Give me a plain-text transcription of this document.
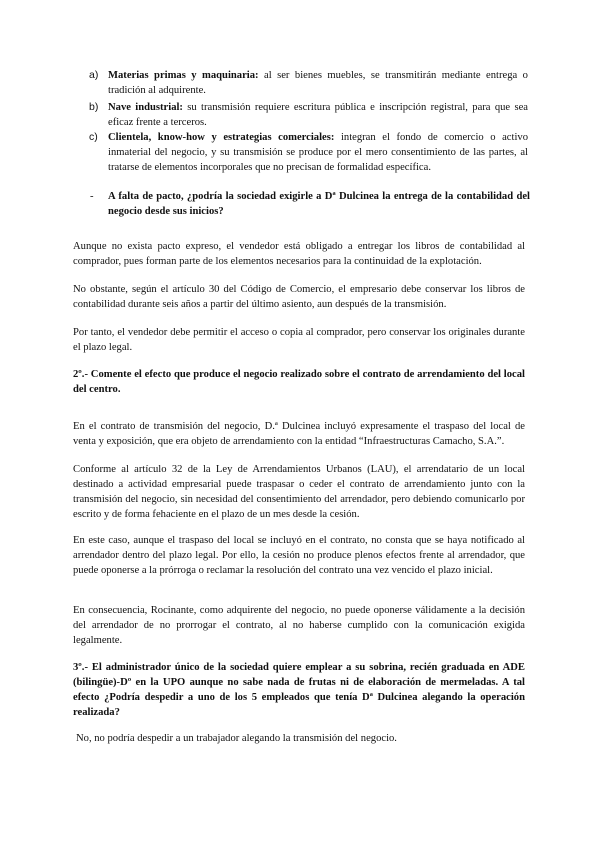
a) Materias primas y maquinaria: al ser bienes muebles, se transmitirán mediante entrega o tradición al adquirente.
b) Nave industrial: su transmisión requiere escritura pública e inscripción registral, para que sea eficaz frente a terceros.
c) Clientela, know-how y estrategias comerciales: integran el fondo de comercio o activo inmaterial del negocio, y su transmisión se produce por el mero consentimiento de las partes, al tratarse de elementos incorporales que no precisan de formalidad específica.
- A falta de pacto, ¿podría la sociedad exigirle a Dª Dulcinea la entrega de la contabilidad del negocio desde sus inicios?
Aunque no exista pacto expreso, el vendedor está obligado a entregar los libros de contabilidad al comprador, pues forman parte de los elementos necesarios para la continuidad de la explotación.
No obstante, según el artículo 30 del Código de Comercio, el empresario debe conservar los libros de contabilidad durante seis años a partir del último asiento, aun después de la transmisión.
Por tanto, el vendedor debe permitir el acceso o copia al comprador, pero conservar los originales durante el plazo legal.
2º.- Comente el efecto que produce el negocio realizado sobre el contrato de arrendamiento del local del centro.
En el contrato de transmisión del negocio, D.ª Dulcinea incluyó expresamente el traspaso del local de venta y exposición, que era objeto de arrendamiento con la entidad “Infraestructuras Camacho, S.A.”.
Conforme al artículo 32 de la Ley de Arrendamientos Urbanos (LAU), el arrendatario de un local destinado a actividad empresarial puede traspasar o ceder el contrato de arrendamiento junto con la transmisión del negocio, sin necesidad del consentimiento del arrendador, pero debiendo comunicarlo por escrito y de forma fehaciente en el plazo de un mes desde la cesión.
En este caso, aunque el traspaso del local se incluyó en el contrato, no consta que se haya notificado al arrendador dentro del plazo legal. Por ello, la cesión no produce plenos efectos frente al arrendador, que puede oponerse a la prórroga o reclamar la resolución del contrato una vez vencido el plazo inicial.
En consecuencia, Rocinante, como adquirente del negocio, no puede oponerse válidamente a la decisión del arrendador de no prorrogar el contrato, al no haberse cumplido con la comunicación exigida legalmente.
3º.- El administrador único de la sociedad quiere emplear a su sobrina, recién graduada en ADE (bilingüe)-Dº en la UPO aunque no sabe nada de frutas ni de elaboración de mermeladas. A tal efecto ¿Podría despedir a uno de los 5 empleados que tenía Dª Dulcinea alegando la operación realizada?
No, no podría despedir a un trabajador alegando la transmisión del negocio.
